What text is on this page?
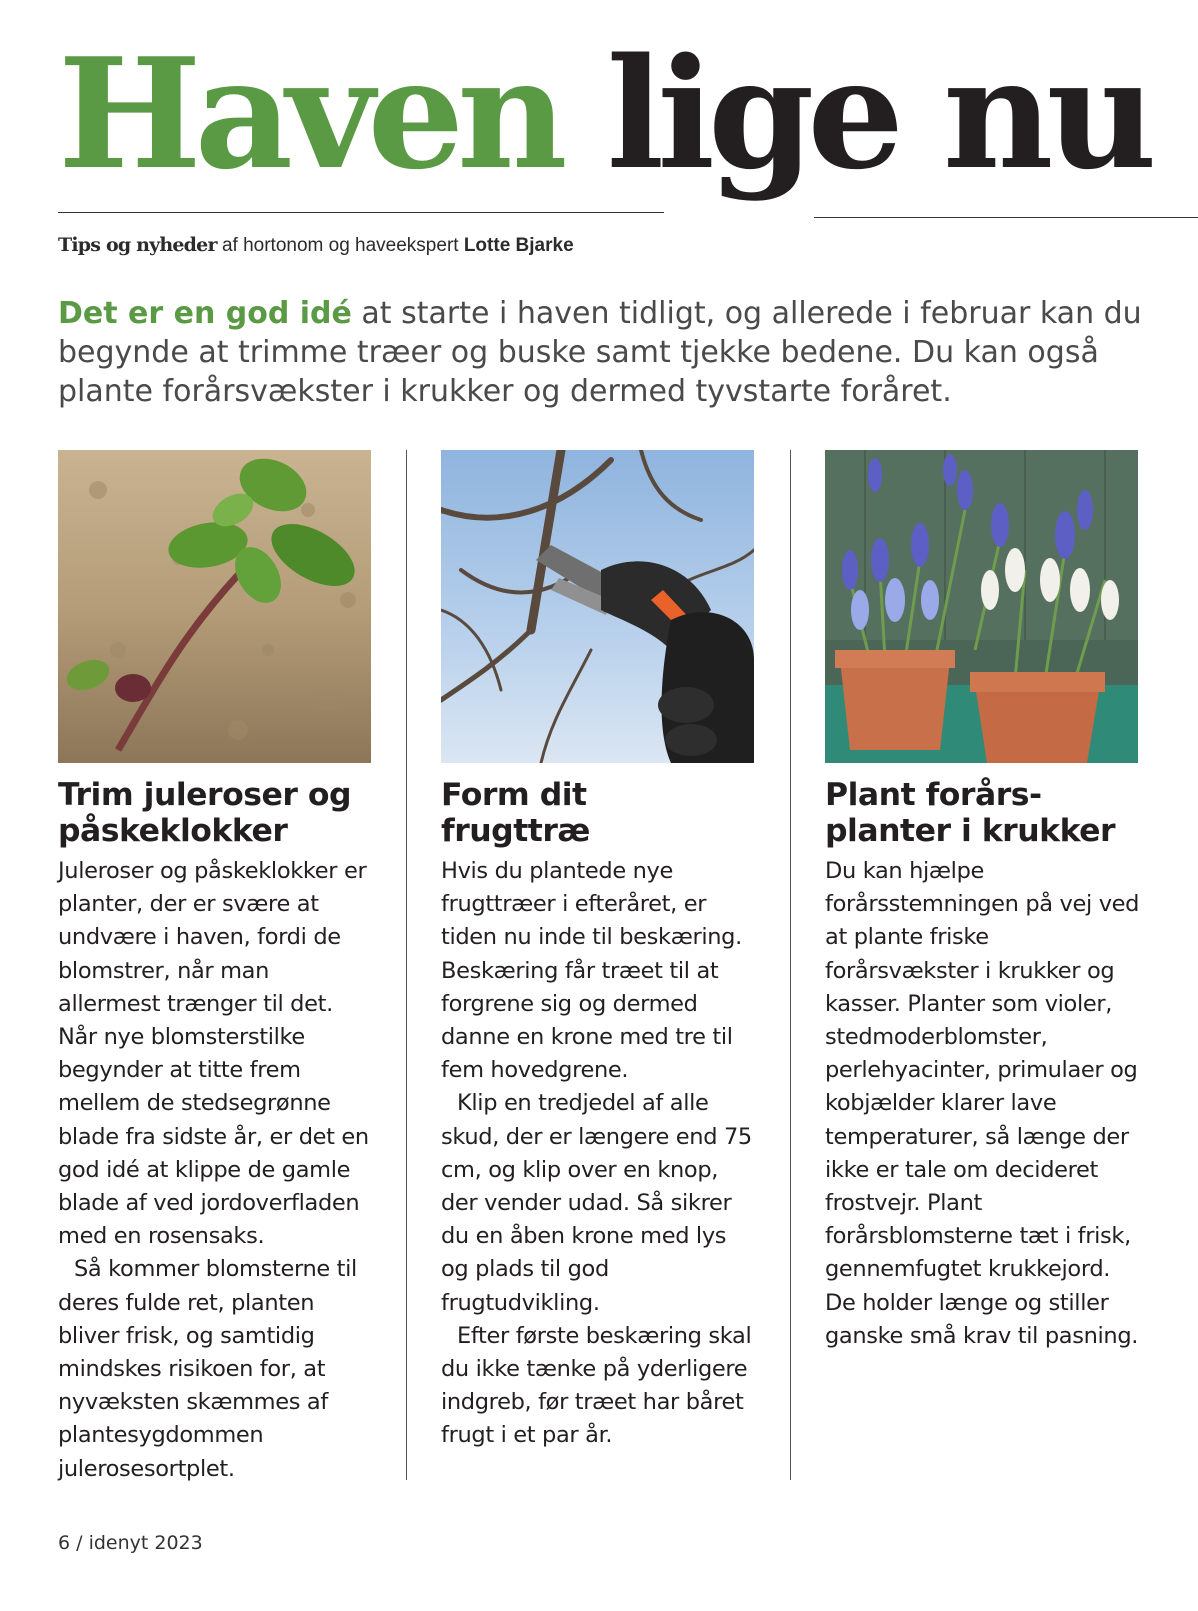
Haven lige nu

Tips og nyheder af hortonom og haveekspert Lotte Bjarke

Det er en god idé at starte i haven tidligt, og allerede i februar kan du begynde at trimme træer og buske samt tjekke bedene. Du kan også plante forårsvækster i krukker og dermed tyvstarte foråret.

Trim juleroser og
påskeklokker

Juleroser og påskeklokker er planter, der er svære at undvære i haven, fordi de blomstrer, når man allermest trænger til det. Når nye blomsterstilke begynder at titte frem mellem de stedsegrønne blade fra sidste år, er det en god idé at klippe de gamle blade af ved jordoverfladen med en rosensaks.

Så kommer blomsterne til deres fulde ret, planten bliver frisk, og samtidig mindskes risikoen for, at nyvæksten skæmmes af plantesygdommen julerosesortplet.

Form dit
frugttræ

Hvis du plantede nye frugttræer i efteråret, er tiden nu inde til beskæring. Beskæring får træet til at forgrene sig og dermed danne en krone med tre til fem hovedgrene.

Klip en tredjedel af alle skud, der er længere end 75 cm, og klip over en knop, der vender udad. Så sikrer du en åben krone med lys og plads til god frugtudvikling.

Efter første beskæring skal du ikke tænke på yderligere indgreb, før træet har båret frugt i et par år.

Plant forårs-
planter i krukker

Du kan hjælpe forårsstemningen på vej ved at plante friske forårsvækster i krukker og kasser. Planter som violer, stedmoderblomster, perlehyacinter, primulaer og kobjælder klarer lave temperaturer, så længe der ikke er tale om decideret frostvejr. Plant forårsblomsterne tæt i frisk, gennemfugtet krukkejord. De holder længe og stiller ganske små krav til pasning.

6 / idenyt 2023
